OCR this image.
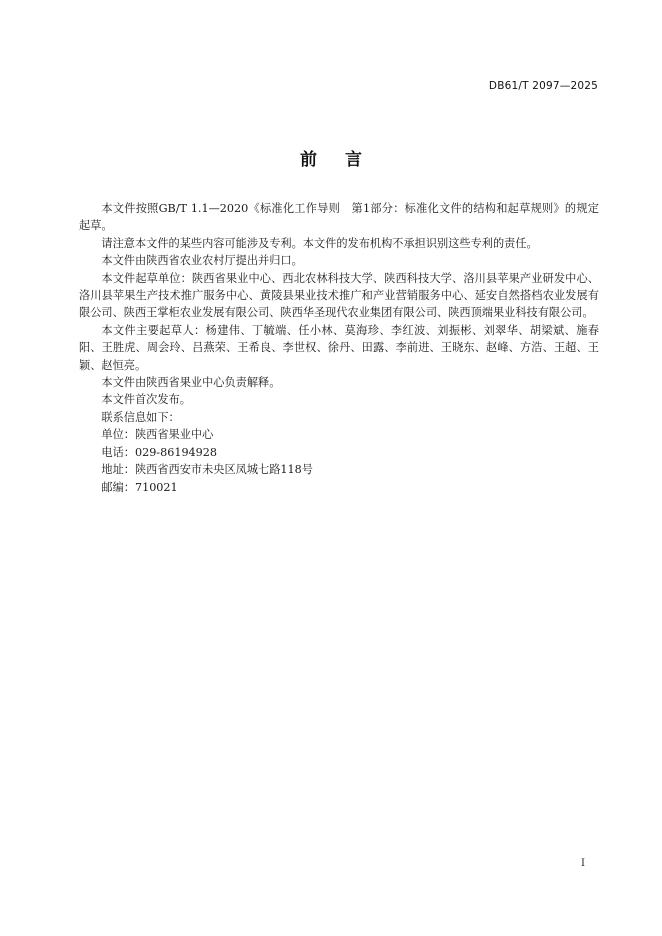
DB61/T 2097—2025
前言

本文件按照GB/T 1.1—2020《标准化工作导则　第1部分：标准化文件的结构和起草规则》的规定起草。

请注意本文件的某些内容可能涉及专利。本文件的发布机构不承担识别这些专利的责任。

本文件由陕西省农业农村厅提出并归口。

本文件起草单位：陕西省果业中心、西北农林科技大学、陕西科技大学、洛川县苹果产业研发中心、洛川县苹果生产技术推广服务中心、黄陵县果业技术推广和产业营销服务中心、延安自然搭档农业发展有限公司、陕西王掌柜农业发展有限公司、陕西华圣现代农业集团有限公司、陕西顶端果业科技有限公司。

本文件主要起草人：杨建伟、丁毓端、任小林、莫海珍、李红波、刘振彬、刘翠华、胡梁斌、施春阳、王胜虎、周会玲、吕燕荣、王希良、李世权、徐丹、田露、李前进、王晓东、赵峰、方浩、王超、王颖、赵恒亮。

本文件由陕西省果业中心负责解释。

本文件首次发布。

联系信息如下：

单位：陕西省果业中心

电话：029-86194928

地址：陕西省西安市未央区凤城七路118号

邮编：710021

I
